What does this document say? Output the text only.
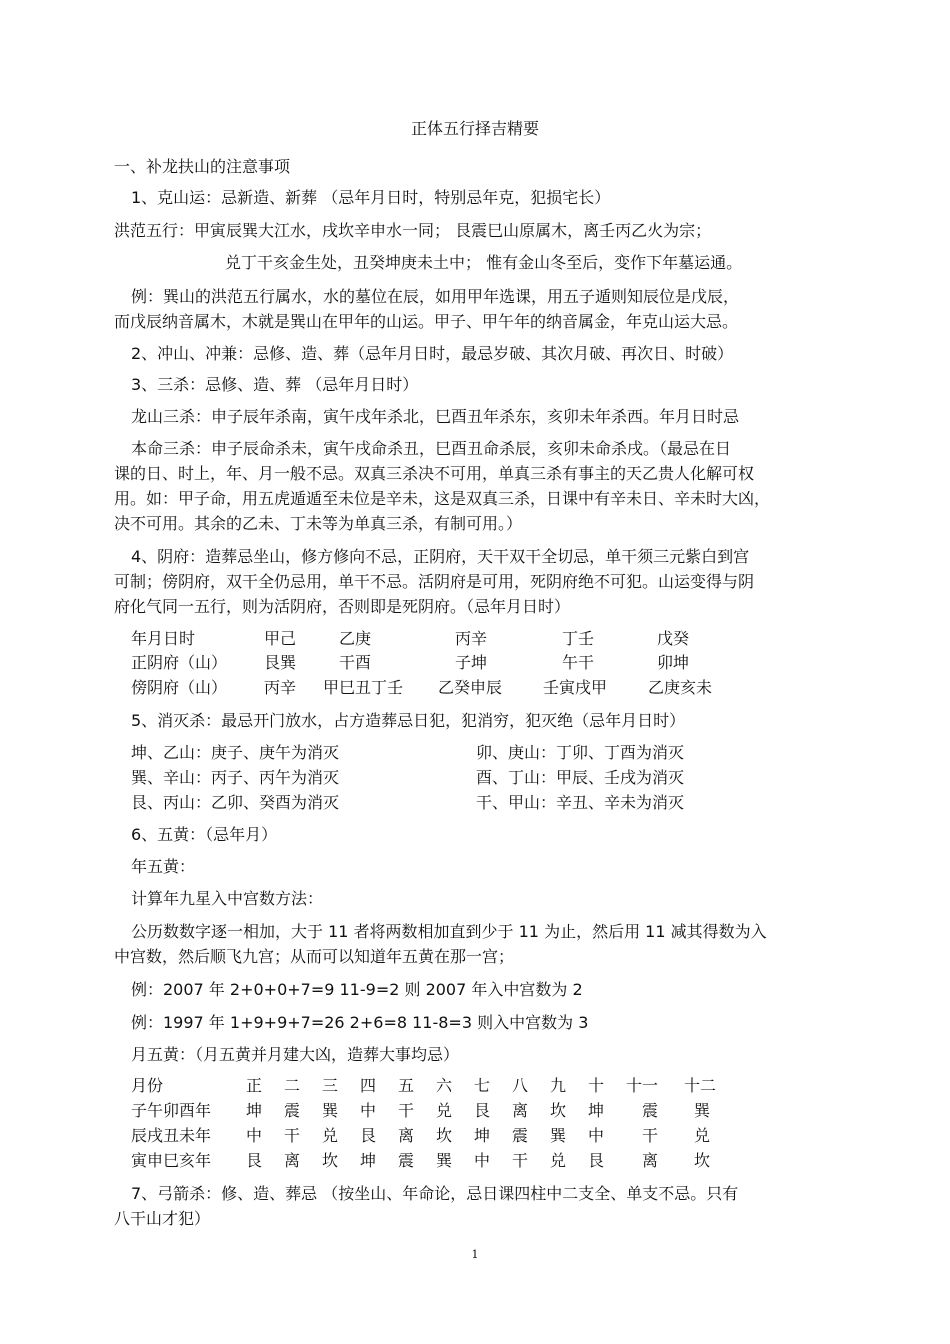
正体五行择吉精要
一、补龙扶山的注意事项
1、克山运：忌新造、新葬 （忌年月日时，特别忌年克，犯损宅长）
洪范五行：甲寅辰巽大江水，戌坎辛申水一同； 艮震巳山原属木，离壬丙乙火为宗；
兑丁干亥金生处，丑癸坤庚未土中； 惟有金山冬至后，变作下年墓运通。
例：巽山的洪范五行属水，水的墓位在辰，如用甲年选课，用五子遁则知辰位是戊辰，
而戊辰纳音属木，木就是巽山在甲年的山运。甲子、甲午年的纳音属金，年克山运大忌。
2、冲山、冲兼：忌修、造、葬（忌年月日时，最忌岁破、其次月破、再次日、时破）
3、三杀：忌修、造、葬 （忌年月日时）
龙山三杀：申子辰年杀南，寅午戌年杀北，巳酉丑年杀东，亥卯未年杀西。年月日时忌
本命三杀：申子辰命杀未，寅午戌命杀丑，巳酉丑命杀辰，亥卯未命杀戌。（最忌在日
课的日、时上，年、月一般不忌。双真三杀决不可用，单真三杀有事主的天乙贵人化解可权
用。如：甲子命，用五虎遁遁至未位是辛未，这是双真三杀，日课中有辛未日、辛未时大凶，
决不可用。其余的乙未、丁未等为单真三杀，有制可用。）
4、阴府：造葬忌坐山，修方修向不忌，正阴府，天干双干全切忌，单干须三元紫白到宫
可制；傍阴府，双干全仍忌用，单干不忌。活阴府是可用，死阴府绝不可犯。山运变得与阴
府化气同一五行，则为活阴府，否则即是死阴府。（忌年月日时）
年月日时	甲己	乙庚	丙辛	丁壬	戊癸
正阴府（山） 艮巽	干酉	子坤	午干	卯坤
傍阴府（山） 丙辛 甲巳丑丁壬 乙癸申辰	壬寅戌甲	乙庚亥未
5、消灭杀：最忌开门放水，占方造葬忌日犯，犯消穷，犯灭绝（忌年月日时）
坤、乙山：庚子、庚午为消灭	卯、庚山：丁卯、丁酉为消灭
巽、辛山：丙子、丙午为消灭	酉、丁山：甲辰、壬戌为消灭
艮、丙山：乙卯、癸酉为消灭	干、甲山：辛丑、辛未为消灭
6、五黄：（忌年月）
年五黄：
计算年九星入中宫数方法：
公历数数字逐一相加，大于 11 者将两数相加直到少于 11 为止，然后用 11 减其得数为入
中宫数，然后顺飞九宫；从而可以知道年五黄在那一宫；
例：2007 年 2+0+0+7=9 11-9=2 则 2007 年入中宫数为 2
例：1997 年 1+9+9+7=26 2+6=8 11-8=3 则入中宫数为 3
月五黄：（月五黄并月建大凶，造葬大事均忌）
月份	正 二 三 四 五 六 七 八 九 十 十一 十二
子午卯酉年 坤 震 巽 中 干 兑 艮 离 坎 坤 震 巽
辰戌丑未年 中 干 兑 艮 离 坎 坤 震 巽 中 干 兑
寅申巳亥年 艮 离 坎 坤 震 巽 中 干 兑 艮 离 坎
7、弓箭杀：修、造、葬忌 （按坐山、年命论，忌日课四柱中二支全、单支不忌。只有
八干山才犯）
1
